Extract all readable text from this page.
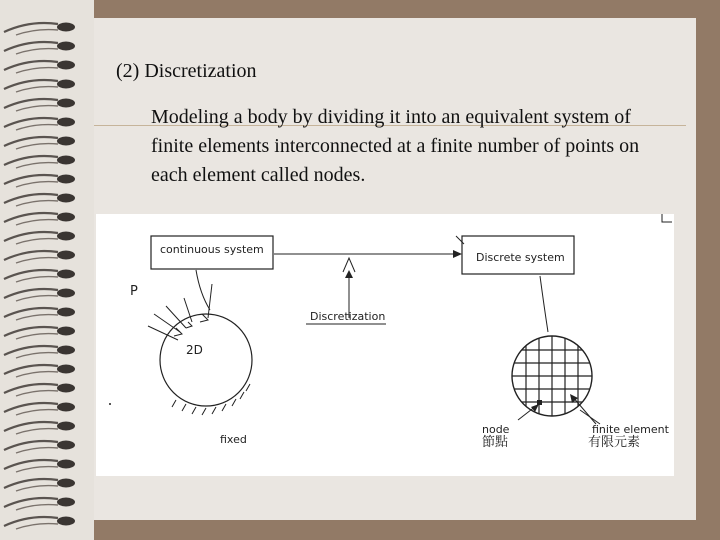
(2) Discretization
Modeling a body by dividing it into an equivalent system of finite elements interconnected at a finite number of points on each element called nodes.
continuous system
Discrete system
Discretization
P
2D
fixed
node
節點
finite element
有限元素
